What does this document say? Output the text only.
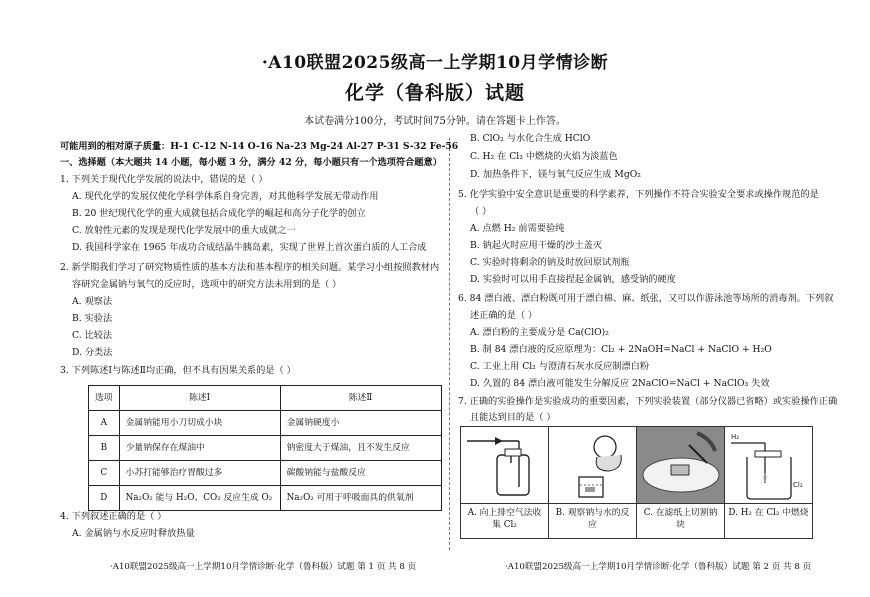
·A10联盟2025级高一上学期10月学情诊断
化学（鲁科版）试题
本试卷满分100分，考试时间75分钟。请在答题卡上作答。
可能用到的相对原子质量：H-1 C-12 N-14 O-16 Na-23 Mg-24 Al-27 P-31 S-32 Fe-56
一、选择题（本大题共 14 小题，每小题 3 分，满分 42 分，每小题只有一个选项符合题意）
1. 下列关于现代化学发展的说法中，错误的是（ ）
A. 现代化学的发展仅使化学科学体系自身完善，对其他科学发展无带动作用
B. 20 世纪现代化学的重大成就包括合成化学的崛起和高分子化学的创立
C. 放射性元素的发现是现代化学发展中的重大成就之一
D. 我国科学家在 1965 年成功合成结晶牛胰岛素，实现了世界上首次蛋白质的人工合成
2. 新学期我们学习了研究物质性质的基本方法和基本程序的相关问题。某学习小组按照教材内
容研究金属钠与氧气的反应时，选项中的研究方法未用到的是（ ）
A. 观察法
B. 实验法
C. 比较法
D. 分类法
3. 下列陈述Ⅰ与陈述Ⅱ均正确，但不具有因果关系的是（ ）
选项	陈述Ⅰ	陈述Ⅱ
A	金属钠能用小刀切成小块	金属钠硬度小
B	少量钠保存在煤油中	钠密度大于煤油，且不发生反应
C	小苏打能够治疗胃酸过多	碳酸钠能与盐酸反应
D	Na₂O₂ 能与 H₂O、CO₂ 反应生成 O₂	Na₂O₂ 可用于呼吸面具的供氧剂
4. 下列叙述正确的是（ ）
A. 金属钠与水反应时释放热量
B. ClO₂ 与水化合生成 HClO
C. H₂ 在 Cl₂ 中燃烧的火焰为淡蓝色
D. 加热条件下，镁与氧气反应生成 MgO₂
5. 化学实验中安全意识是重要的科学素养，下列操作不符合实验安全要求或操作规范的是
（ ）
A. 点燃 H₂ 前需要验纯
B. 钠起火时应用干燥的沙土盖灭
C. 实验时将剩余的钠及时放回原试剂瓶
D. 实验时可以用手直接捏起金属钠，感受钠的硬度
6. 84 漂白液、漂白粉既可用于漂白棉、麻、纸张，又可以作游泳池等场所的消毒剂。下列叙
述正确的是（ ）
A. 漂白粉的主要成分是 Ca(ClO)₂
B. 制 84 漂白液的反应原理为：Cl₂ + 2NaOH=NaCl + NaClO + H₂O
C. 工业上用 Cl₂ 与澄清石灰水反应制漂白粉
D. 久置的 84 漂白液可能发生分解反应 2NaClO=NaCl + NaClO₃ 失效
7. 正确的实验操作是实验成功的重要因素，下列实验装置（部分仪器已省略）或实验操作正确
且能达到目的是（ ）
A. 向上排空气法收集 Cl₂

B. 观察钠与水的反应

C. 在滤纸上切割钠块

H₂
Cl₂
D. H₂ 在 Cl₂ 中燃烧
·A10联盟2025级高一上学期10月学情诊断·化学（鲁科版）试题 第 1 页 共 8 页	·A10联盟2025级高一上学期10月学情诊断·化学（鲁科版）试题 第 2 页 共 8 页
